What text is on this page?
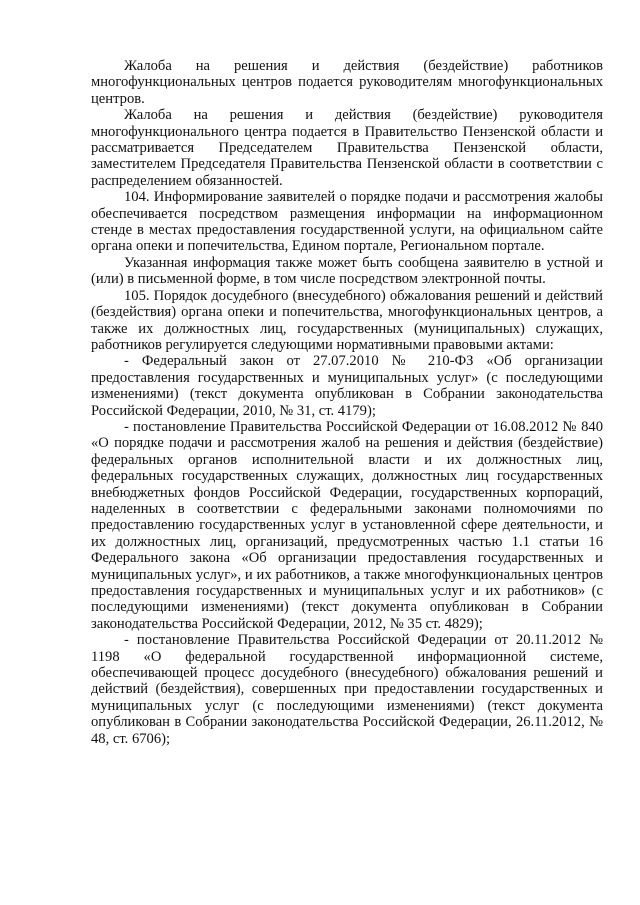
Жалоба на решения и действия (бездействие) работников многофункциональных центров подается руководителям многофункциональных центров.

Жалоба на решения и действия (бездействие) руководителя многофункционального центра подается в Правительство Пензенской области и рассматривается Председателем Правительства Пензенской области, заместителем Председателя Правительства Пензенской области в соответствии с распределением обязанностей.

104. Информирование заявителей о порядке подачи и рассмотрения жалобы обеспечивается посредством размещения информации на информационном стенде в местах предоставления государственной услуги, на официальном сайте органа опеки и попечительства, Едином портале, Региональном портале.

Указанная информация также может быть сообщена заявителю в устной и (или) в письменной форме, в том числе посредством электронной почты.

105. Порядок досудебного (внесудебного) обжалования решений и действий (бездействия) органа опеки и попечительства, многофункциональных центров, а также их должностных лиц, государственных (муниципальных) служащих, работников регулируется следующими нормативными правовыми актами:

- Федеральный закон от 27.07.2010 № 210-ФЗ «Об организации предоставления государственных и муниципальных услуг» (с последующими изменениями) (текст документа опубликован в Собрании законодательства Российской Федерации, 2010, № 31, ст. 4179);

- постановление Правительства Российской Федерации от 16.08.2012 № 840 «О порядке подачи и рассмотрения жалоб на решения и действия (бездействие) федеральных органов исполнительной власти и их должностных лиц, федеральных государственных служащих, должностных лиц государственных внебюджетных фондов Российской Федерации, государственных корпораций, наделенных в соответствии с федеральными законами полномочиями по предоставлению государственных услуг в установленной сфере деятельности, и их должностных лиц, организаций, предусмотренных частью 1.1 статьи 16 Федерального закона «Об организации предоставления государственных и муниципальных услуг», и их работников, а также многофункциональных центров предоставления государственных и муниципальных услуг и их работников» (с последующими изменениями) (текст документа опубликован в Собрании законодательства Российской Федерации, 2012, № 35 ст. 4829);

- постановление Правительства Российской Федерации от 20.11.2012 № 1198 «О федеральной государственной информационной системе, обеспечивающей процесс досудебного (внесудебного) обжалования решений и действий (бездействия), совершенных при предоставлении государственных и муниципальных услуг (с последующими изменениями) (текст документа опубликован в Собрании законодательства Российской Федерации, 26.11.2012, № 48, ст. 6706);
